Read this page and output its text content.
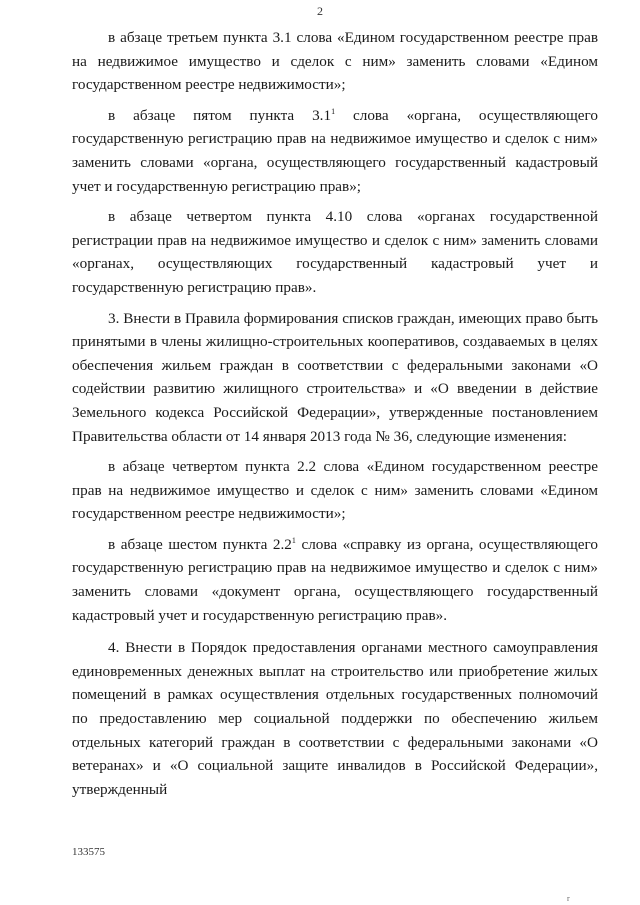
2

в абзаце третьем пункта 3.1 слова «Едином государственном реестре прав на недвижимое имущество и сделок с ним» заменить словами «Едином государственном реестре недвижимости»;

в абзаце пятом пункта $3.1^1$ слова «органа, осуществляющего государственную регистрацию прав на недвижимое имущество и сделок с ним» заменить словами «органа, осуществляющего государственный кадастровый учет и государственную регистрацию прав»;

в абзаце четвертом пункта 4.10 слова «органах государственной регистрации прав на недвижимое имущество и сделок с ним» заменить словами «органах, осуществляющих государственный кадастровый учет и государственную регистрацию прав».

3. Внести в Правила формирования списков граждан, имеющих право быть принятыми в члены жилищно-строительных кооперативов, создаваемых в целях обеспечения жильем граждан в соответствии с федеральными законами «О содействии развитию жилищного строительства» и «О введении в действие Земельного кодекса Российской Федерации», утвержденные постановлением Правительства области от 14 января 2013 года № 36, следующие изменения:

в абзаце четвертом пункта 2.2 слова «Едином государственном реестре прав на недвижимое имущество и сделок с ним» заменить словами «Едином государственном реестре недвижимости»;

в абзаце шестом пункта $2.2^1$ слова «справку из органа, осуществляющего государственную регистрацию прав на недвижимое имущество и сделок с ним» заменить словами «документ органа, осуществляющего государственный кадастровый учет и государственную регистрацию прав».

4. Внести в Порядок предоставления органами местного самоуправления единовременных денежных выплат на строительство или приобретение жилых помещений в рамках осуществления отдельных государственных полномочий по предоставлению мер социальной поддержки по обеспечению жильем отдельных категорий граждан в соответствии с федеральными законами «О ветеранах» и «О социальной защите инвалидов в Российской Федерации», утвержденный

133575
r
